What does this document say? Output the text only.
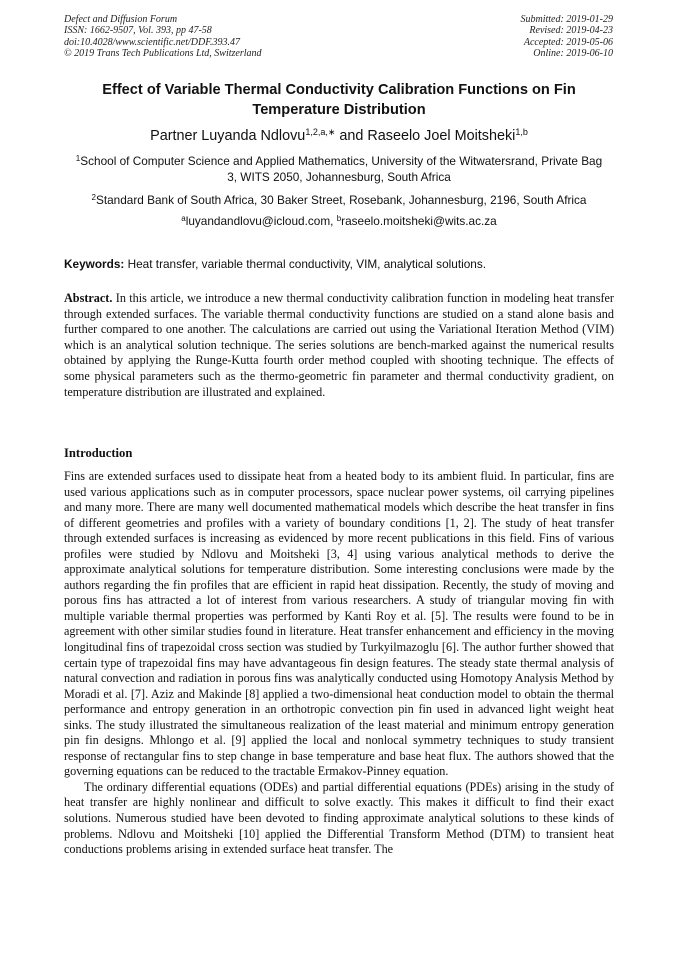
Defect and Diffusion Forum
ISSN: 1662-9507, Vol. 393, pp 47-58
doi:10.4028/www.scientific.net/DDF.393.47
© 2019 Trans Tech Publications Ltd, Switzerland
Submitted: 2019-01-29
Revised: 2019-04-23
Accepted: 2019-05-06
Online: 2019-06-10
Effect of Variable Thermal Conductivity Calibration Functions on Fin Temperature Distribution
Partner Luyanda Ndlovu$^{1,2,a,∗}$ and Raseelo Joel Moitsheki$^{1,b}$
$^1$School of Computer Science and Applied Mathematics, University of the Witwatersrand, Private Bag 3, WITS 2050, Johannesburg, South Africa
$^2$Standard Bank of South Africa, 30 Baker Street, Rosebank, Johannesburg, 2196, South Africa
$^a$luyandandlovu@icloud.com, $^b$raseelo.moitsheki@wits.ac.za
Keywords: Heat transfer, variable thermal conductivity, VIM, analytical solutions.

Abstract. In this article, we introduce a new thermal conductivity calibration function in modeling heat transfer through extended surfaces. The variable thermal conductivity functions are studied on a stand alone basis and further compared to one another. The calculations are carried out using the Variational Iteration Method (VIM) which is an analytical solution technique. The series solutions are bench-marked against the numerical results obtained by applying the Runge-Kutta fourth order method coupled with shooting technique. The effects of some physical parameters such as the thermo-geometric fin parameter and thermal conductivity gradient, on temperature distribution are illustrated and explained.

Introduction

Fins are extended surfaces used to dissipate heat from a heated body to its ambient fluid. In particular, fins are used various applications such as in computer processors, space nuclear power systems, oil carrying pipelines and many more. There are many well documented mathematical models which describe the heat transfer in fins of different geometries and profiles with a variety of boundary conditions [1, 2]. The study of heat transfer through extended surfaces is increasing as evidenced by more recent publications in this field. Fins of various profiles were studied by Ndlovu and Moitsheki [3, 4] using various analytical methods to derive the approximate analytical solutions for temperature distribution. Some interesting conclusions were made by the authors regarding the fin profiles that are efficient in rapid heat dissipation. Recently, the study of moving and porous fins has attracted a lot of interest from various researchers. A study of triangular moving fin with multiple variable thermal properties was performed by Kanti Roy et al. [5]. The results were found to be in agreement with other similar studies found in literature. Heat transfer enhancement and efficiency in the moving longitudinal fins of trapezoidal cross section was studied by Turkyilmazoglu [6]. The author further showed that certain type of trapezoidal fins may have advantageous fin design features. The steady state thermal analysis of natural convection and radiation in porous fins was analytically conducted using Homotopy Analysis Method by Moradi et al. [7]. Aziz and Makinde [8] applied a two-dimensional heat conduction model to obtain the thermal performance and entropy generation in an orthotropic convection pin fin used in advanced light weight heat sinks. The study illustrated the simultaneous realization of the least material and minimum entropy generation pin fin designs. Mhlongo et al. [9] applied the local and nonlocal symmetry techniques to study transient response of rectangular fins to step change in base temperature and base heat flux. The authors showed that the governing equations can be reduced to the tractable Ermakov-Pinney equation.

The ordinary differential equations (ODEs) and partial differential equations (PDEs) arising in the study of heat transfer are highly nonlinear and difficult to solve exactly. This makes it difficult to find their exact solutions. Numerous studied have been devoted to finding approximate analytical solutions to these kinds of problems. Ndlovu and Moitsheki [10] applied the Differential Transform Method (DTM) to transient heat conductions problems arising in extended surface heat transfer. The
